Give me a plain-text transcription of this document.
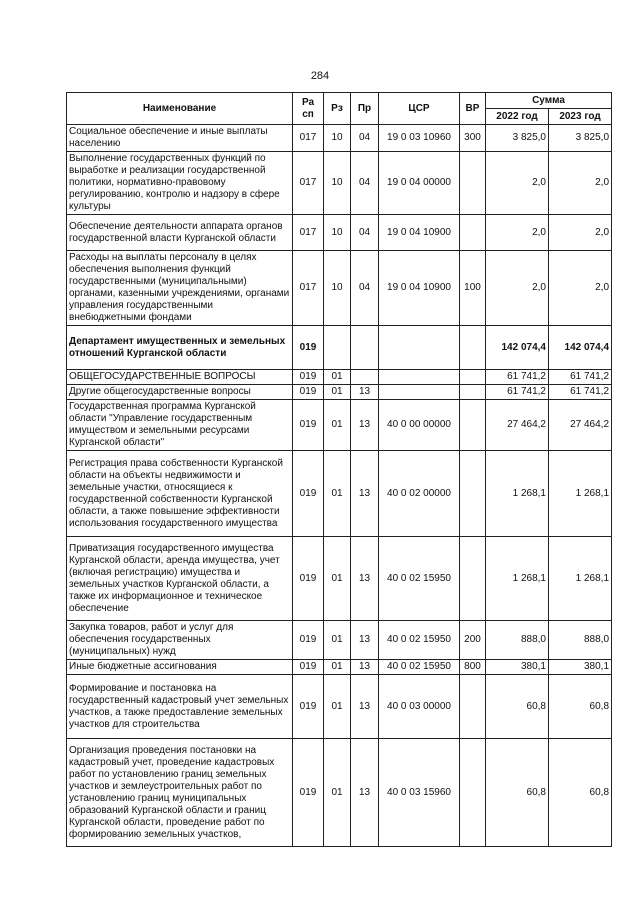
284
Наименование	Ра сп	Рз	Пр	ЦСР	ВР	Сумма	
						2022 год	2023 год
Социальное обеспечение и иные выплаты населению	017	10	04	19 0 03 10960	300	3 825,0	3 825,0
Выполнение государственных функций по выработке и реализации государственной политики, нормативно-правовому регулированию, контролю и надзору в сфере культуры	017	10	04	19 0 04 00000		2,0	2,0
Обеспечение деятельности аппарата органов государственной власти Курганской области	017	10	04	19 0 04 10900		2,0	2,0
Расходы на выплаты персоналу в целях обеспечения выполнения функций государственными (муниципальными) органами, казенными учреждениями, органами управления государственными внебюджетными фондами	017	10	04	19 0 04 10900	100	2,0	2,0
Департамент имущественных и земельных отношений Курганской области	019					142 074,4	142 074,4
ОБЩЕГОСУДАРСТВЕННЫЕ ВОПРОСЫ	019	01				61 741,2	61 741,2
Другие общегосударственные вопросы	019	01	13			61 741,2	61 741,2
Государственная программа Курганской области "Управление государственным имуществом и земельными ресурсами Курганской области"	019	01	13	40 0 00 00000		27 464,2	27 464,2
Регистрация права собственности Курганской области на объекты недвижимости и земельные участки, относящиеся к государственной собственности Курганской области, а также повышение эффективности использования государственного имущества	019	01	13	40 0 02 00000		1 268,1	1 268,1
Приватизация государственного имущества Курганской области, аренда имущества, учет (включая регистрацию) имущества и земельных участков Курганской области, а также их информационное и техническое обеспечение	019	01	13	40 0 02 15950		1 268,1	1 268,1
Закупка товаров, работ и услуг для обеспечения государственных (муниципальных) нужд	019	01	13	40 0 02 15950	200	888,0	888,0
Иные бюджетные ассигнования	019	01	13	40 0 02 15950	800	380,1	380,1
Формирование и постановка на государственный кадастровый учет земельных участков, а также предоставление земельных участков для строительства	019	01	13	40 0 03 00000		60,8	60,8
Организация проведения постановки на кадастровый учет, проведение кадастровых работ по установлению границ земельных участков и землеустроительных работ по установлению границ муниципальных образований Курганской области и границ Курганской области, проведение работ по формированию земельных участков,	019	01	13	40 0 03 15960		60,8	60,8
